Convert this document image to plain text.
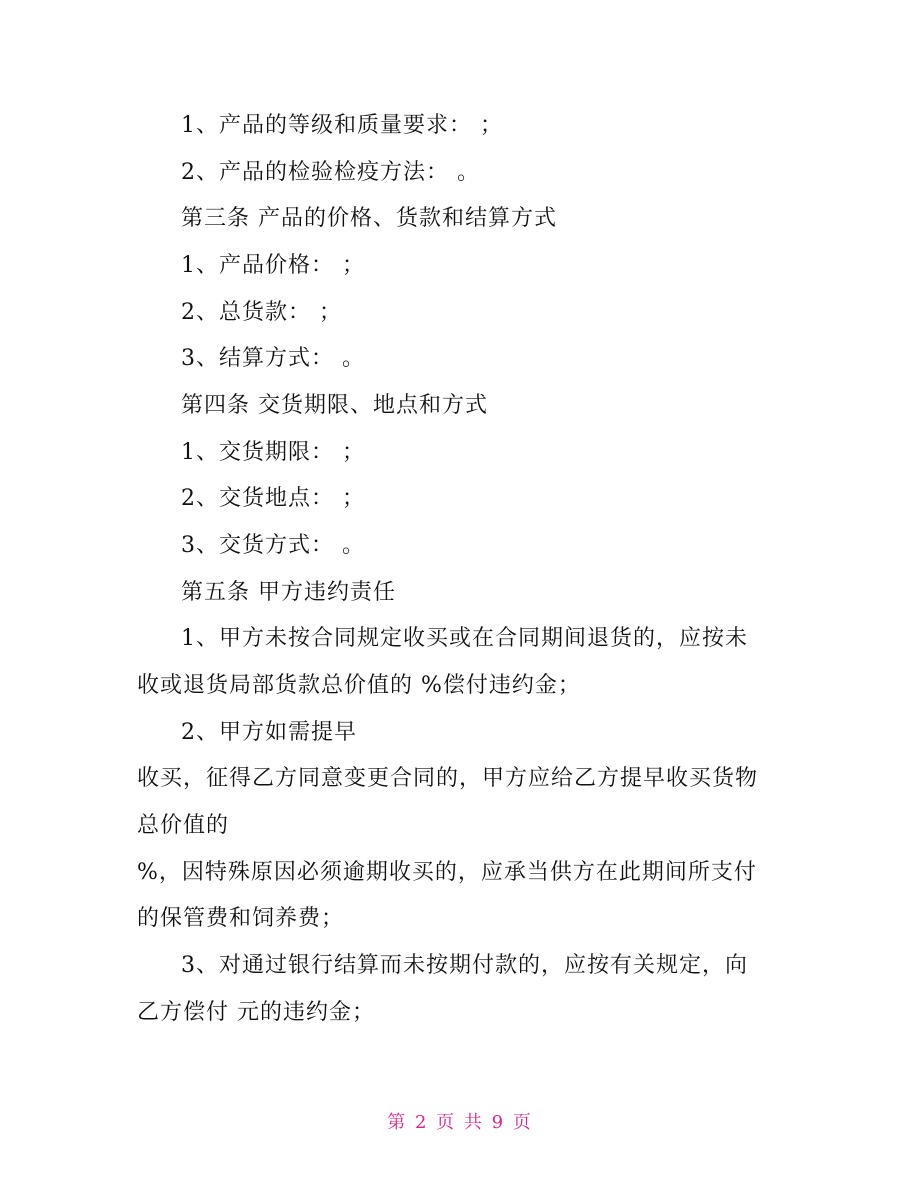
1、产品的等级和质量要求： ；
2、产品的检验检疫方法： 。
第三条 产品的价格、货款和结算方式
1、产品价格： ；
2、总货款： ；
3、结算方式： 。
第四条 交货期限、地点和方式
1、交货期限： ；
2、交货地点： ；
3、交货方式： 。
第五条 甲方违约责任
1、甲方未按合同规定收买或在合同期间退货的，应按未
收或退货局部货款总价值的 %偿付违约金；
2、甲方如需提早
收买，征得乙方同意变更合同的，甲方应给乙方提早收买货物
总价值的
%，因特殊原因必须逾期收买的，应承当供方在此期间所支付
的保管费和饲养费；
3、对通过银行结算而未按期付款的，应按有关规定，向
乙方偿付 元的违约金；
第 2 页 共 9 页
